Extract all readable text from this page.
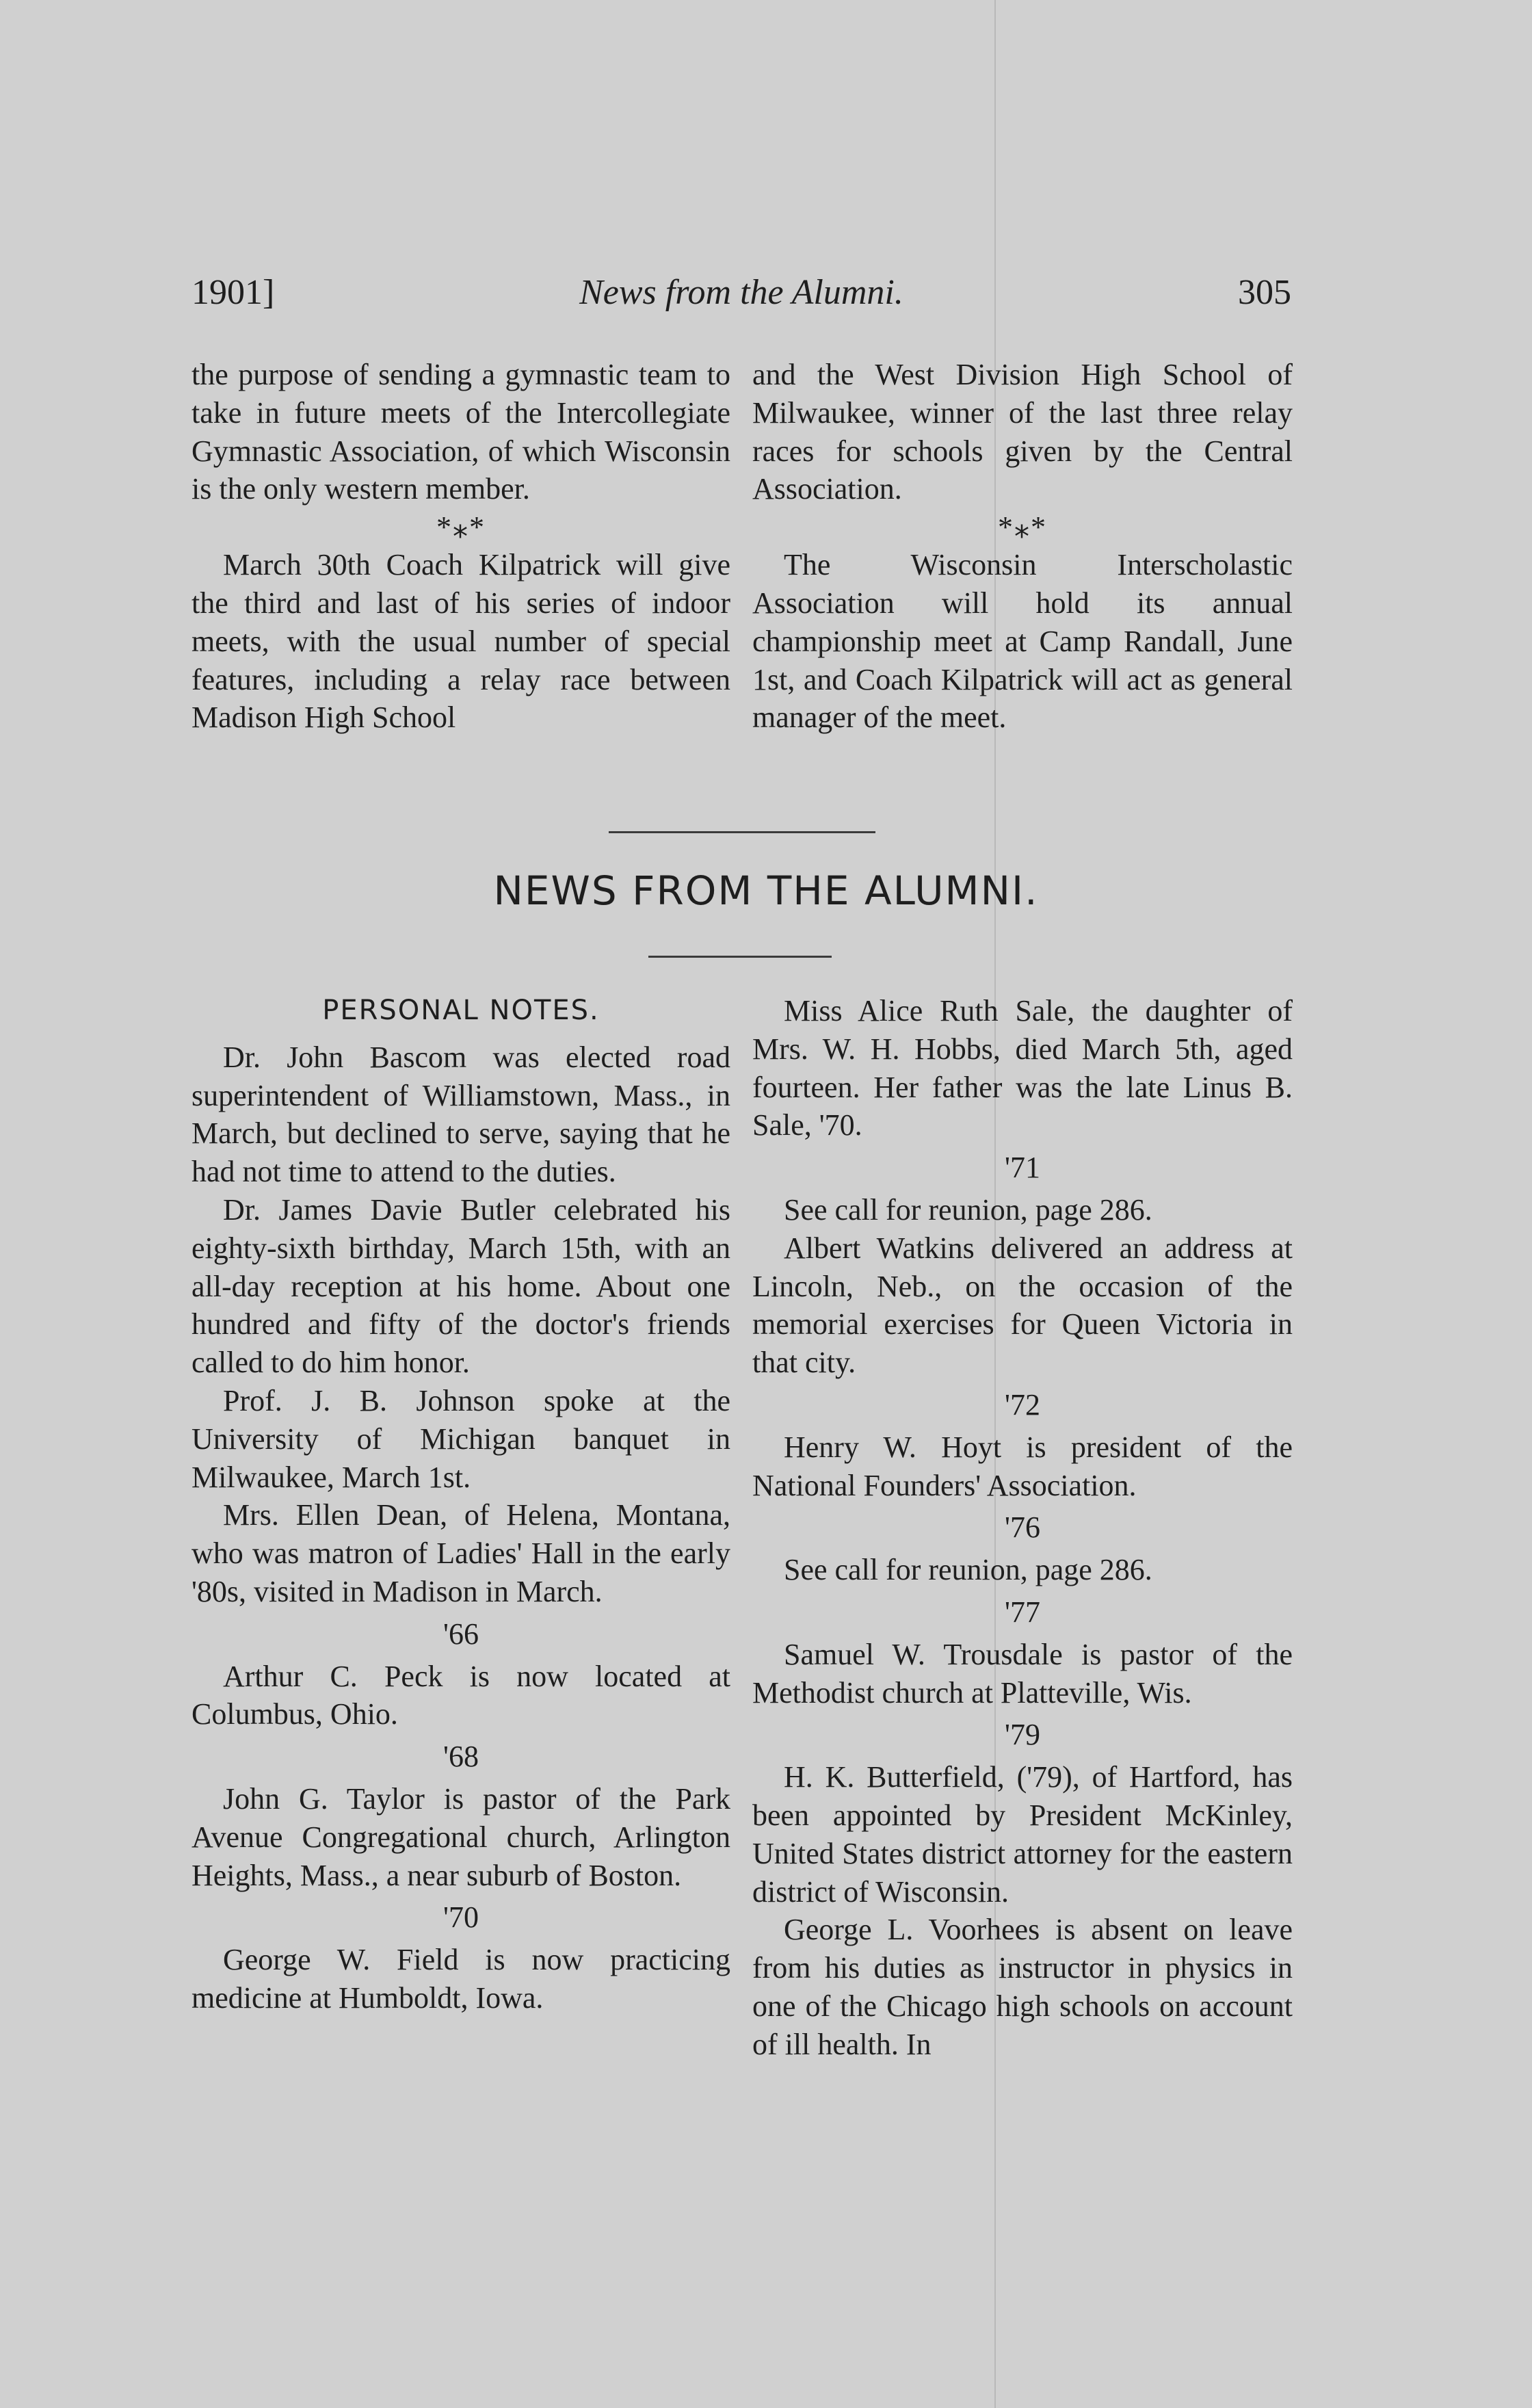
1901]	News from the Alumni.	305

the purpose of sending a gymnastic team to take in future meets of the Intercollegiate Gymnastic Association, of which Wisconsin is the only western member.

*⁎*

March 30th Coach Kilpatrick will give the third and last of his series of indoor meets, with the usual number of special features, including a relay race between Madison High School

and the West Division High School of Milwaukee, winner of the last three relay races for schools given by the Central Association.

*⁎*

The Wisconsin Interscholastic Association will hold its annual championship meet at Camp Randall, June 1st, and Coach Kilpatrick will act as general manager of the meet.

NEWS FROM THE ALUMNI.

PERSONAL NOTES.

Dr. John Bascom was elected road superintendent of Williamstown, Mass., in March, but declined to serve, saying that he had not time to attend to the duties.

Dr. James Davie Butler celebrated his eighty-sixth birthday, March 15th, with an all-day reception at his home. About one hundred and fifty of the doctor's friends called to do him honor.

Prof. J. B. Johnson spoke at the University of Michigan banquet in Milwaukee, March 1st.

Mrs. Ellen Dean, of Helena, Montana, who was matron of Ladies' Hall in the early '80s, visited in Madison in March.

'66

Arthur C. Peck is now located at Columbus, Ohio.

'68

John G. Taylor is pastor of the Park Avenue Congregational church, Arlington Heights, Mass., a near suburb of Boston.

'70

George W. Field is now practicing medicine at Humboldt, Iowa.

Miss Alice Ruth Sale, the daughter of Mrs. W. H. Hobbs, died March 5th, aged fourteen. Her father was the late Linus B. Sale, '70.

'71

See call for reunion, page 286.

Albert Watkins delivered an address at Lincoln, Neb., on the occasion of the memorial exercises for Queen Victoria in that city.

'72

Henry W. Hoyt is president of the National Founders' Association.

'76

See call for reunion, page 286.

'77

Samuel W. Trousdale is pastor of the Methodist church at Platteville, Wis.

'79

H. K. Butterfield, ('79), of Hartford, has been appointed by President McKinley, United States district attorney for the eastern district of Wisconsin.

George L. Voorhees is absent on leave from his duties as instructor in physics in one of the Chicago high schools on account of ill health. In
